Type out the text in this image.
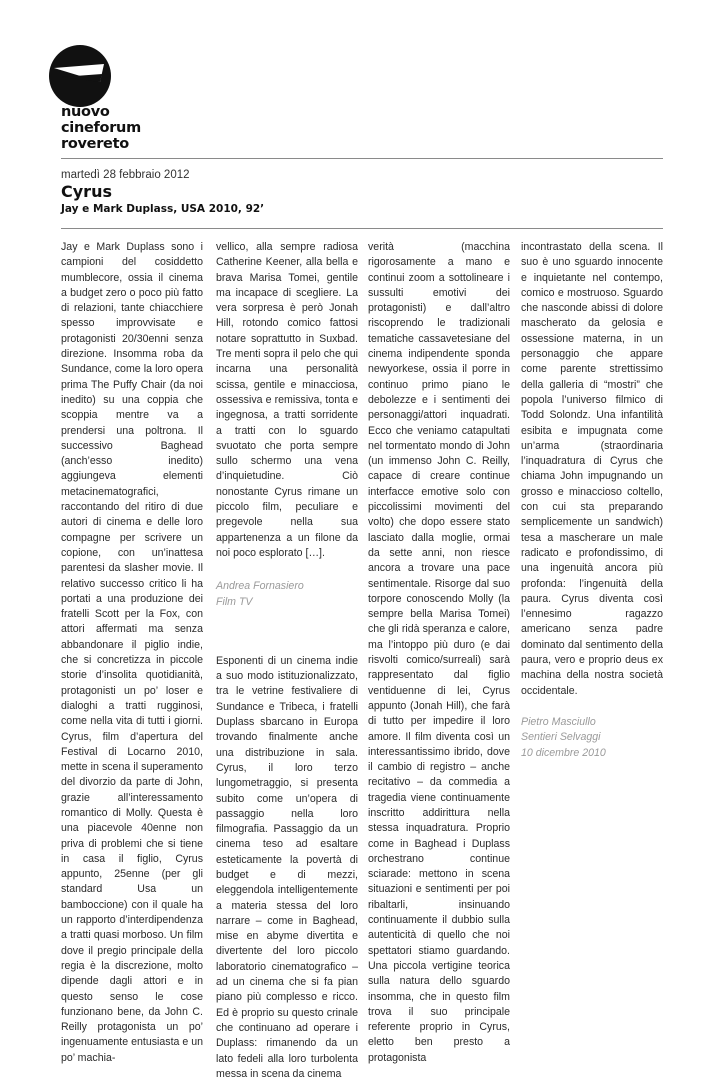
nuovo
cineforum
rovereto
martedì 28 febbraio 2012
Cyrus
Jay e Mark Duplass, USA 2010, 92’

Jay e Mark Duplass sono i campioni del cosiddetto mumblecore, ossia il cinema a budget zero o poco più fatto di relazioni, tante chiacchiere spesso improvvisate e protagonisti 20/30enni senza direzione. Insomma roba da Sundance, come la loro opera prima The Puffy Chair (da noi inedito) su una coppia che scoppia mentre va a prendersi una poltrona. Il successivo Baghead (anch’esso inedito) aggiungeva elementi metacinematografici, raccontando del ritiro di due autori di cinema e delle loro compagne per scrivere un copione, con un’inattesa parentesi da slasher movie. Il relativo successo critico li ha portati a una produzione dei fratelli Scott per la Fox, con attori affermati ma senza abbandonare il piglio indie, che si concretizza in piccole storie d’insolita quotidianità, protagonisti un po’ loser e dialoghi a tratti rugginosi, come nella vita di tutti i giorni. Cyrus, film d’apertura del Festival di Locarno 2010, mette in scena il superamento del divorzio da parte di John, grazie all’interessamento romantico di Molly. Questa è una piacevole 40enne non priva di problemi che si tiene in casa il figlio, Cyrus appunto, 25enne (per gli standard Usa un bamboccione) con il quale ha un rapporto d’interdipendenza a tratti quasi morboso. Un film dove il pregio principale della regia è la discrezione, molto dipende dagli attori e in questo senso le cose funzionano bene, da John C. Reilly protagonista un po’ ingenuamente entusiasta e un po’ machia-

vellico, alla sempre radiosa Catherine Keener, alla bella e brava Marisa Tomei, gentile ma incapace di scegliere. La vera sorpresa è però Jonah Hill, rotondo comico fattosi notare soprattutto in Suxbad. Tre menti sopra il pelo che qui incarna una personalità scissa, gentile e minacciosa, ossessiva e remissiva, tonta e ingegnosa, a tratti sorridente a tratti con lo sguardo svuotato che porta sempre sullo schermo una vena d’inquietudine. Ciò nonostante Cyrus rimane un piccolo film, peculiare e pregevole nella sua appartenenza a un filone da noi poco esplorato […].

Andrea Fornasiero
Film TV

Esponenti di un cinema indie a suo modo istituzionalizzato, tra le vetrine festivaliere di Sundance e Tribeca, i fratelli Duplass sbarcano in Europa trovando finalmente anche una distribuzione in sala. Cyrus, il loro terzo lungometraggio, si presenta subito come un’opera di passaggio nella loro filmografia. Passaggio da un cinema teso ad esaltare esteticamente la povertà di budget e di mezzi, eleggendola intelligentemente a materia stessa del loro narrare – come in Baghead, mise en abyme divertita e divertente del loro piccolo laboratorio cinematografico – ad un cinema che si fa pian piano più complesso e ricco. Ed è proprio su questo crinale che continuano ad operare i Duplass: rimanendo da un lato fedeli alla loro turbolenta messa in scena da cinema

verità (macchina rigorosamente a mano e continui zoom a sottolineare i sussulti emotivi dei protagonisti) e dall’altro riscoprendo le tradizionali tematiche cassavetesiane del cinema indipendente sponda newyorkese, ossia il porre in continuo primo piano le debolezze e i sentimenti dei personaggi/attori inquadrati. Ecco che veniamo catapultati nel tormentato mondo di John (un immenso John C. Reilly, capace di creare continue interfacce emotive solo con piccolissimi movimenti del volto) che dopo essere stato lasciato dalla moglie, ormai da sette anni, non riesce ancora a trovare una pace sentimentale. Risorge dal suo torpore conoscendo Molly (la sempre bella Marisa Tomei) che gli ridà speranza e calore, ma l’intoppo più duro (e dai risvolti comico/surreali) sarà rappresentato dal figlio ventiduenne di lei, Cyrus appunto (Jonah Hill), che farà di tutto per impedire il loro amore. Il film diventa così un interessantissimo ibrido, dove il cambio di registro – anche recitativo – da commedia a tragedia viene continuamente inscritto addirittura nella stessa inquadratura. Proprio come in Baghead i Duplass orchestrano continue sciarade: mettono in scena situazioni e sentimenti per poi ribaltarli, insinuando continuamente il dubbio sulla autenticità di quello che noi spettatori stiamo guardando. Una piccola vertigine teorica sulla natura dello sguardo insomma, che in questo film trova il suo principale referente proprio in Cyrus, eletto ben presto a protagonista

incontrastato della scena. Il suo è uno sguardo innocente e inquietante nel contempo, comico e mostruoso. Sguardo che nasconde abissi di dolore mascherato da gelosia e ossessione materna, in un personaggio che appare come parente strettissimo della galleria di “mostri” che popola l’universo filmico di Todd Solondz. Una infantilità esibita e impugnata come un’arma (straordinaria l’inquadratura di Cyrus che chiama John impugnando un grosso e minaccioso coltello, con cui sta preparando semplicemente un sandwich) tesa a mascherare un male radicato e profondissimo, di una ingenuità ancora più profonda: l’ingenuità della paura. Cyrus diventa così l’ennesimo ragazzo americano senza padre dominato dal sentimento della paura, vero e proprio deus ex machina della nostra società occidentale.

Pietro Masciullo
Sentieri Selvaggi
10 dicembre 2010
